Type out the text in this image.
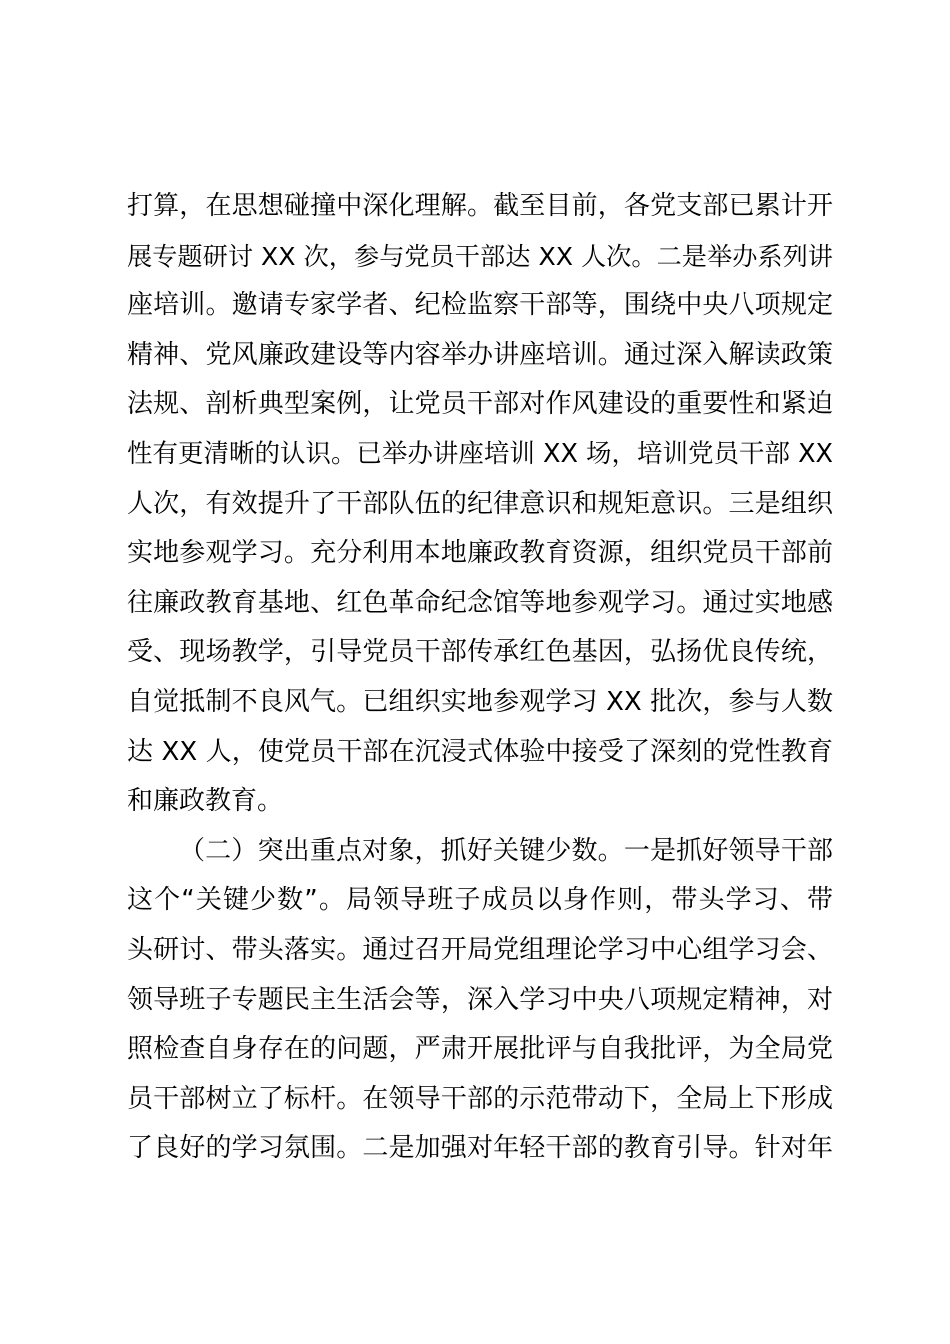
打算，在思想碰撞中深化理解。截至目前，各党支部已累计开
展专题研讨 XX 次，参与党员干部达 XX 人次。二是举办系列讲
座培训。邀请专家学者、纪检监察干部等，围绕中央八项规定
精神、党风廉政建设等内容举办讲座培训。通过深入解读政策
法规、剖析典型案例，让党员干部对作风建设的重要性和紧迫
性有更清晰的认识。已举办讲座培训 XX 场，培训党员干部 XX
人次，有效提升了干部队伍的纪律意识和规矩意识。三是组织
实地参观学习。充分利用本地廉政教育资源，组织党员干部前
往廉政教育基地、红色革命纪念馆等地参观学习。通过实地感
受、现场教学，引导党员干部传承红色基因，弘扬优良传统，
自觉抵制不良风气。已组织实地参观学习 XX 批次，参与人数
达 XX 人，使党员干部在沉浸式体验中接受了深刻的党性教育
和廉政教育。
（二）突出重点对象，抓好关键少数。一是抓好领导干部
这个“关键少数”。局领导班子成员以身作则，带头学习、带
头研讨、带头落实。通过召开局党组理论学习中心组学习会、
领导班子专题民主生活会等，深入学习中央八项规定精神，对
照检查自身存在的问题，严肃开展批评与自我批评，为全局党
员干部树立了标杆。在领导干部的示范带动下，全局上下形成
了良好的学习氛围。二是加强对年轻干部的教育引导。针对年
